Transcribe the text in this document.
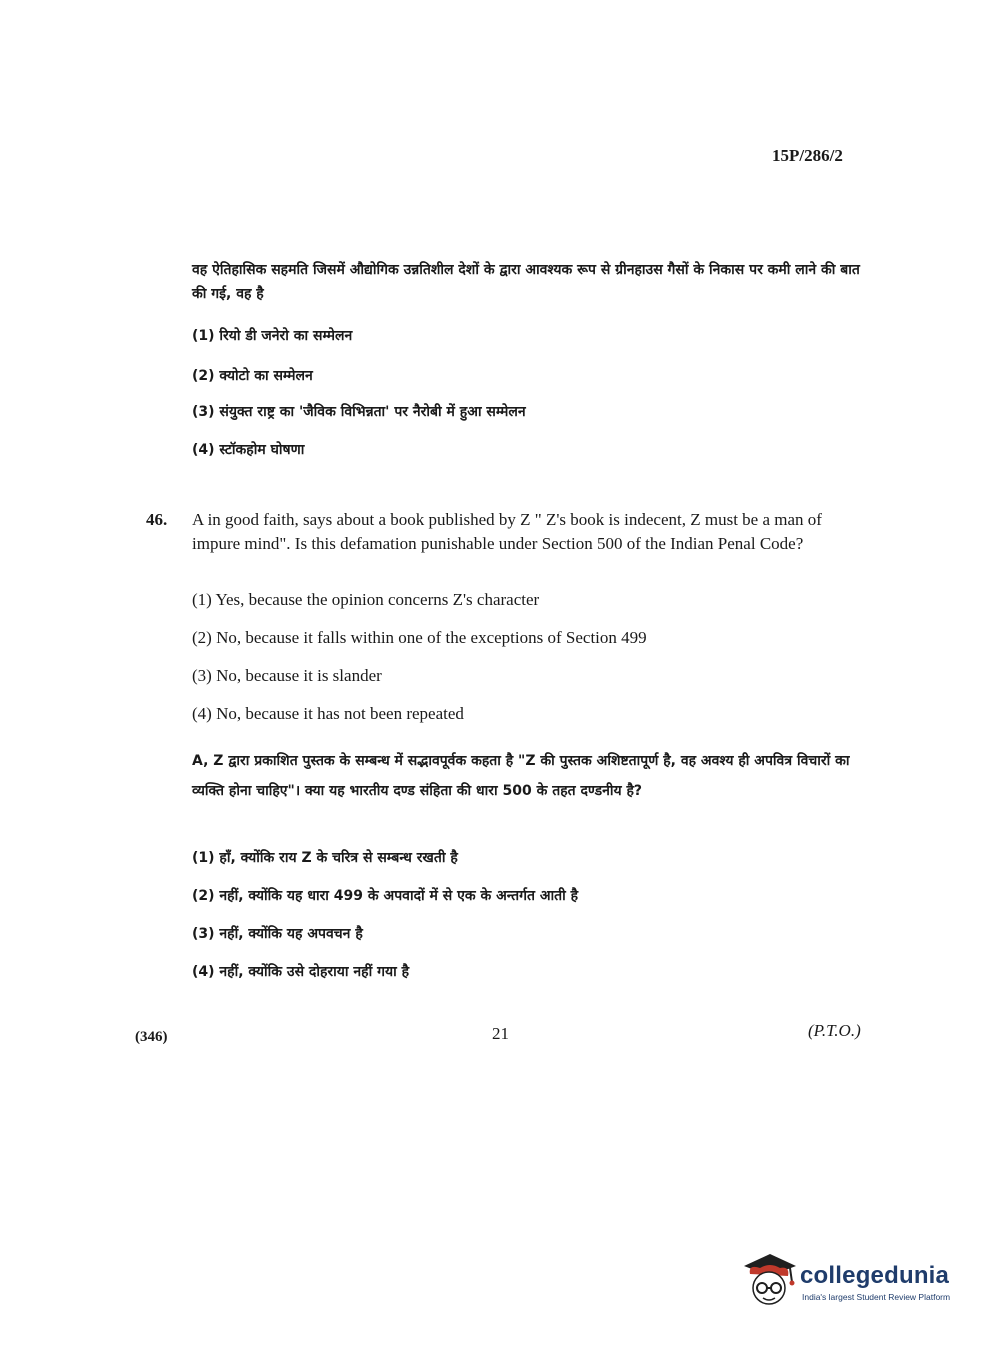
15P/286/2

वह ऐतिहासिक सहमति जिसमें औद्योगिक उन्नतिशील देशों के द्वारा आवश्यक रूप से ग्रीनहाउस गैसों के निकास पर कमी लाने की बात की गई, वह है

(1) रियो डी जनेरो का सम्मेलन
(2) क्योटो का सम्मेलन
(3) संयुक्त राष्ट्र का 'जैविक विभिन्नता' पर नैरोबी में हुआ सम्मेलन
(4) स्टॉकहोम घोषणा
46. A in good faith, says about a book published by Z " Z's book is indecent, Z must be a man of impure mind". Is this defamation punishable under Section 500 of the Indian Penal Code?

(1) Yes, because the opinion concerns Z's character
(2) No, because it falls within one of the exceptions of Section 499
(3) No, because it is slander
(4) No, because it has not been repeated

A, Z द्वारा प्रकाशित पुस्तक के सम्बन्ध में सद्भावपूर्वक कहता है "Z की पुस्तक अशिष्टतापूर्ण है, वह अवश्य ही अपवित्र विचारों का व्यक्ति होना चाहिए"। क्या यह भारतीय दण्ड संहिता की धारा 500 के तहत दण्डनीय है?

(1) हाँ, क्योंकि राय Z के चरित्र से सम्बन्ध रखती है
(2) नहीं, क्योंकि यह धारा 499 के अपवादों में से एक के अन्तर्गत आती है
(3) नहीं, क्योंकि यह अपवचन है
(4) नहीं, क्योंकि उसे दोहराया नहीं गया है
(346)	21	(P.T.O.)
collegedunia
India's largest Student Review Platform
